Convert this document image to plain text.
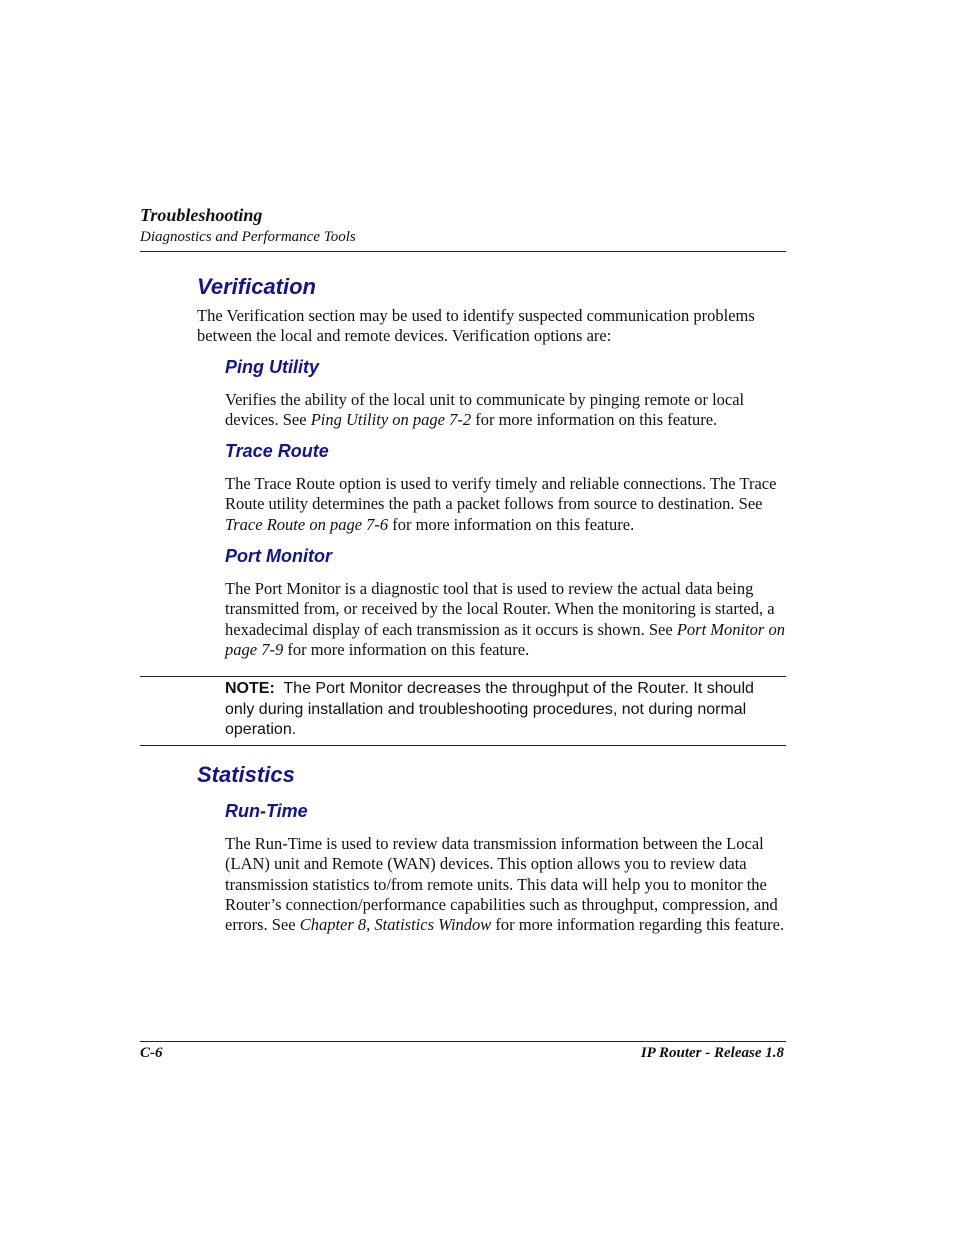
Troubleshooting
Diagnostics and Performance Tools
Verification
The Verification section may be used to identify suspected communication problems between the local and remote devices. Verification options are:
Ping Utility
Verifies the ability of the local unit to communicate by pinging remote or local devices. See Ping Utility on page 7-2 for more information on this feature.
Trace Route
The Trace Route option is used to verify timely and reliable connections. The Trace Route utility determines the path a packet follows from source to destination. See Trace Route on page 7-6 for more information on this feature.
Port Monitor
The Port Monitor is a diagnostic tool that is used to review the actual data being transmitted from, or received by the local Router. When the monitoring is started, a hexadecimal display of each transmission as it occurs is shown. See Port Monitor on page 7-9 for more information on this feature.
NOTE: The Port Monitor decreases the throughput of the Router. It should only during installation and troubleshooting procedures, not during normal operation.
Statistics
Run-Time
The Run-Time is used to review data transmission information between the Local (LAN) unit and Remote (WAN) devices. This option allows you to review data transmission statistics to/from remote units. This data will help you to monitor the Router’s connection/performance capabilities such as throughput, compression, and errors. See Chapter 8, Statistics Window for more information regarding this feature.
C-6	IP Router - Release 1.8
